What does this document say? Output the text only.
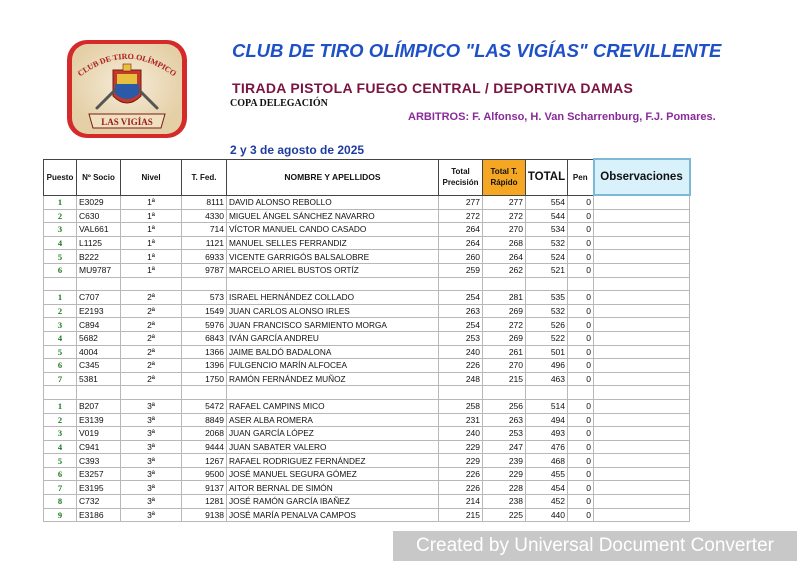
CLUB DE TIRO OLÍMPICO
LAS VIGÍAS
CLUB DE TIRO OLÍMPICO "LAS VIGÍAS" CREVILLENTE
TIRADA PISTOLA FUEGO CENTRAL / DEPORTIVA DAMAS
COPA DELEGACIÓN
ARBITROS: F. Alfonso, H. Van Scharrenburg, F.J. Pomares.
2 y 3 de agosto de 2025
Puesto	Nº Socio	Nivel	T. Fed.	NOMBRE Y APELLIDOS	Total
Precisión	Total T.
Rápido	TOTAL	Pen	Observaciones
1	E3029	1ª	8111	DAVID ALONSO REBOLLO	277	277	554	0	
2	C630	1ª	4330	MIGUEL ÁNGEL SÁNCHEZ NAVARRO	272	272	544	0	
3	VAL661	1ª	714	VÍCTOR MANUEL CANDO CASADO	264	270	534	0	
4	L1125	1ª	1121	MANUEL SELLES FERRANDIZ	264	268	532	0	
5	B222	1ª	6933	VICENTE GARRIGÓS BALSALOBRE	260	264	524	0	
6	MU9787	1ª	9787	MARCELO ARIEL BUSTOS ORTÍZ	259	262	521	0	

1	C707	2ª	573	ISRAEL HERNÁNDEZ COLLADO	254	281	535	0	
2	E2193	2ª	1549	JUAN CARLOS ALONSO IRLES	263	269	532	0	
3	C894	2ª	5976	JUAN FRANCISCO SARMIENTO MORGA	254	272	526	0	
4	5682	2ª	6843	IVÁN GARCÍA ANDREU	253	269	522	0	
5	4004	2ª	1366	JAIME BALDÓ BADALONA	240	261	501	0	
6	C345	2ª	1396	FULGENCIO MARÍN ALFOCEA	226	270	496	0	
7	5381	2ª	1750	RAMÓN FERNÁNDEZ MUÑOZ	248	215	463	0	

1	B207	3ª	5472	RAFAEL CAMPINS MICO	258	256	514	0	
2	E3139	3ª	8849	ASER ALBA ROMERA	231	263	494	0	
3	V019	3ª	2068	JUAN GARCÍA LÓPEZ	240	253	493	0	
4	C941	3ª	9444	JUAN SABATER VALERO	229	247	476	0	
5	C393	3ª	1267	RAFAEL RODRIGUEZ FERNÁNDEZ	229	239	468	0	
6	E3257	3ª	9500	JOSÉ MANUEL SEGURA GÓMEZ	226	229	455	0	
7	E3195	3ª	9137	AITOR BERNAL DE SIMÓN	226	228	454	0	
8	C732	3ª	1281	JOSÉ RAMÓN GARCÍA IBAÑEZ	214	238	452	0	
9	E3186	3ª	9138	JOSÉ MARÍA PENALVA CAMPOS	215	225	440	0	
Created by Universal Document Converter
